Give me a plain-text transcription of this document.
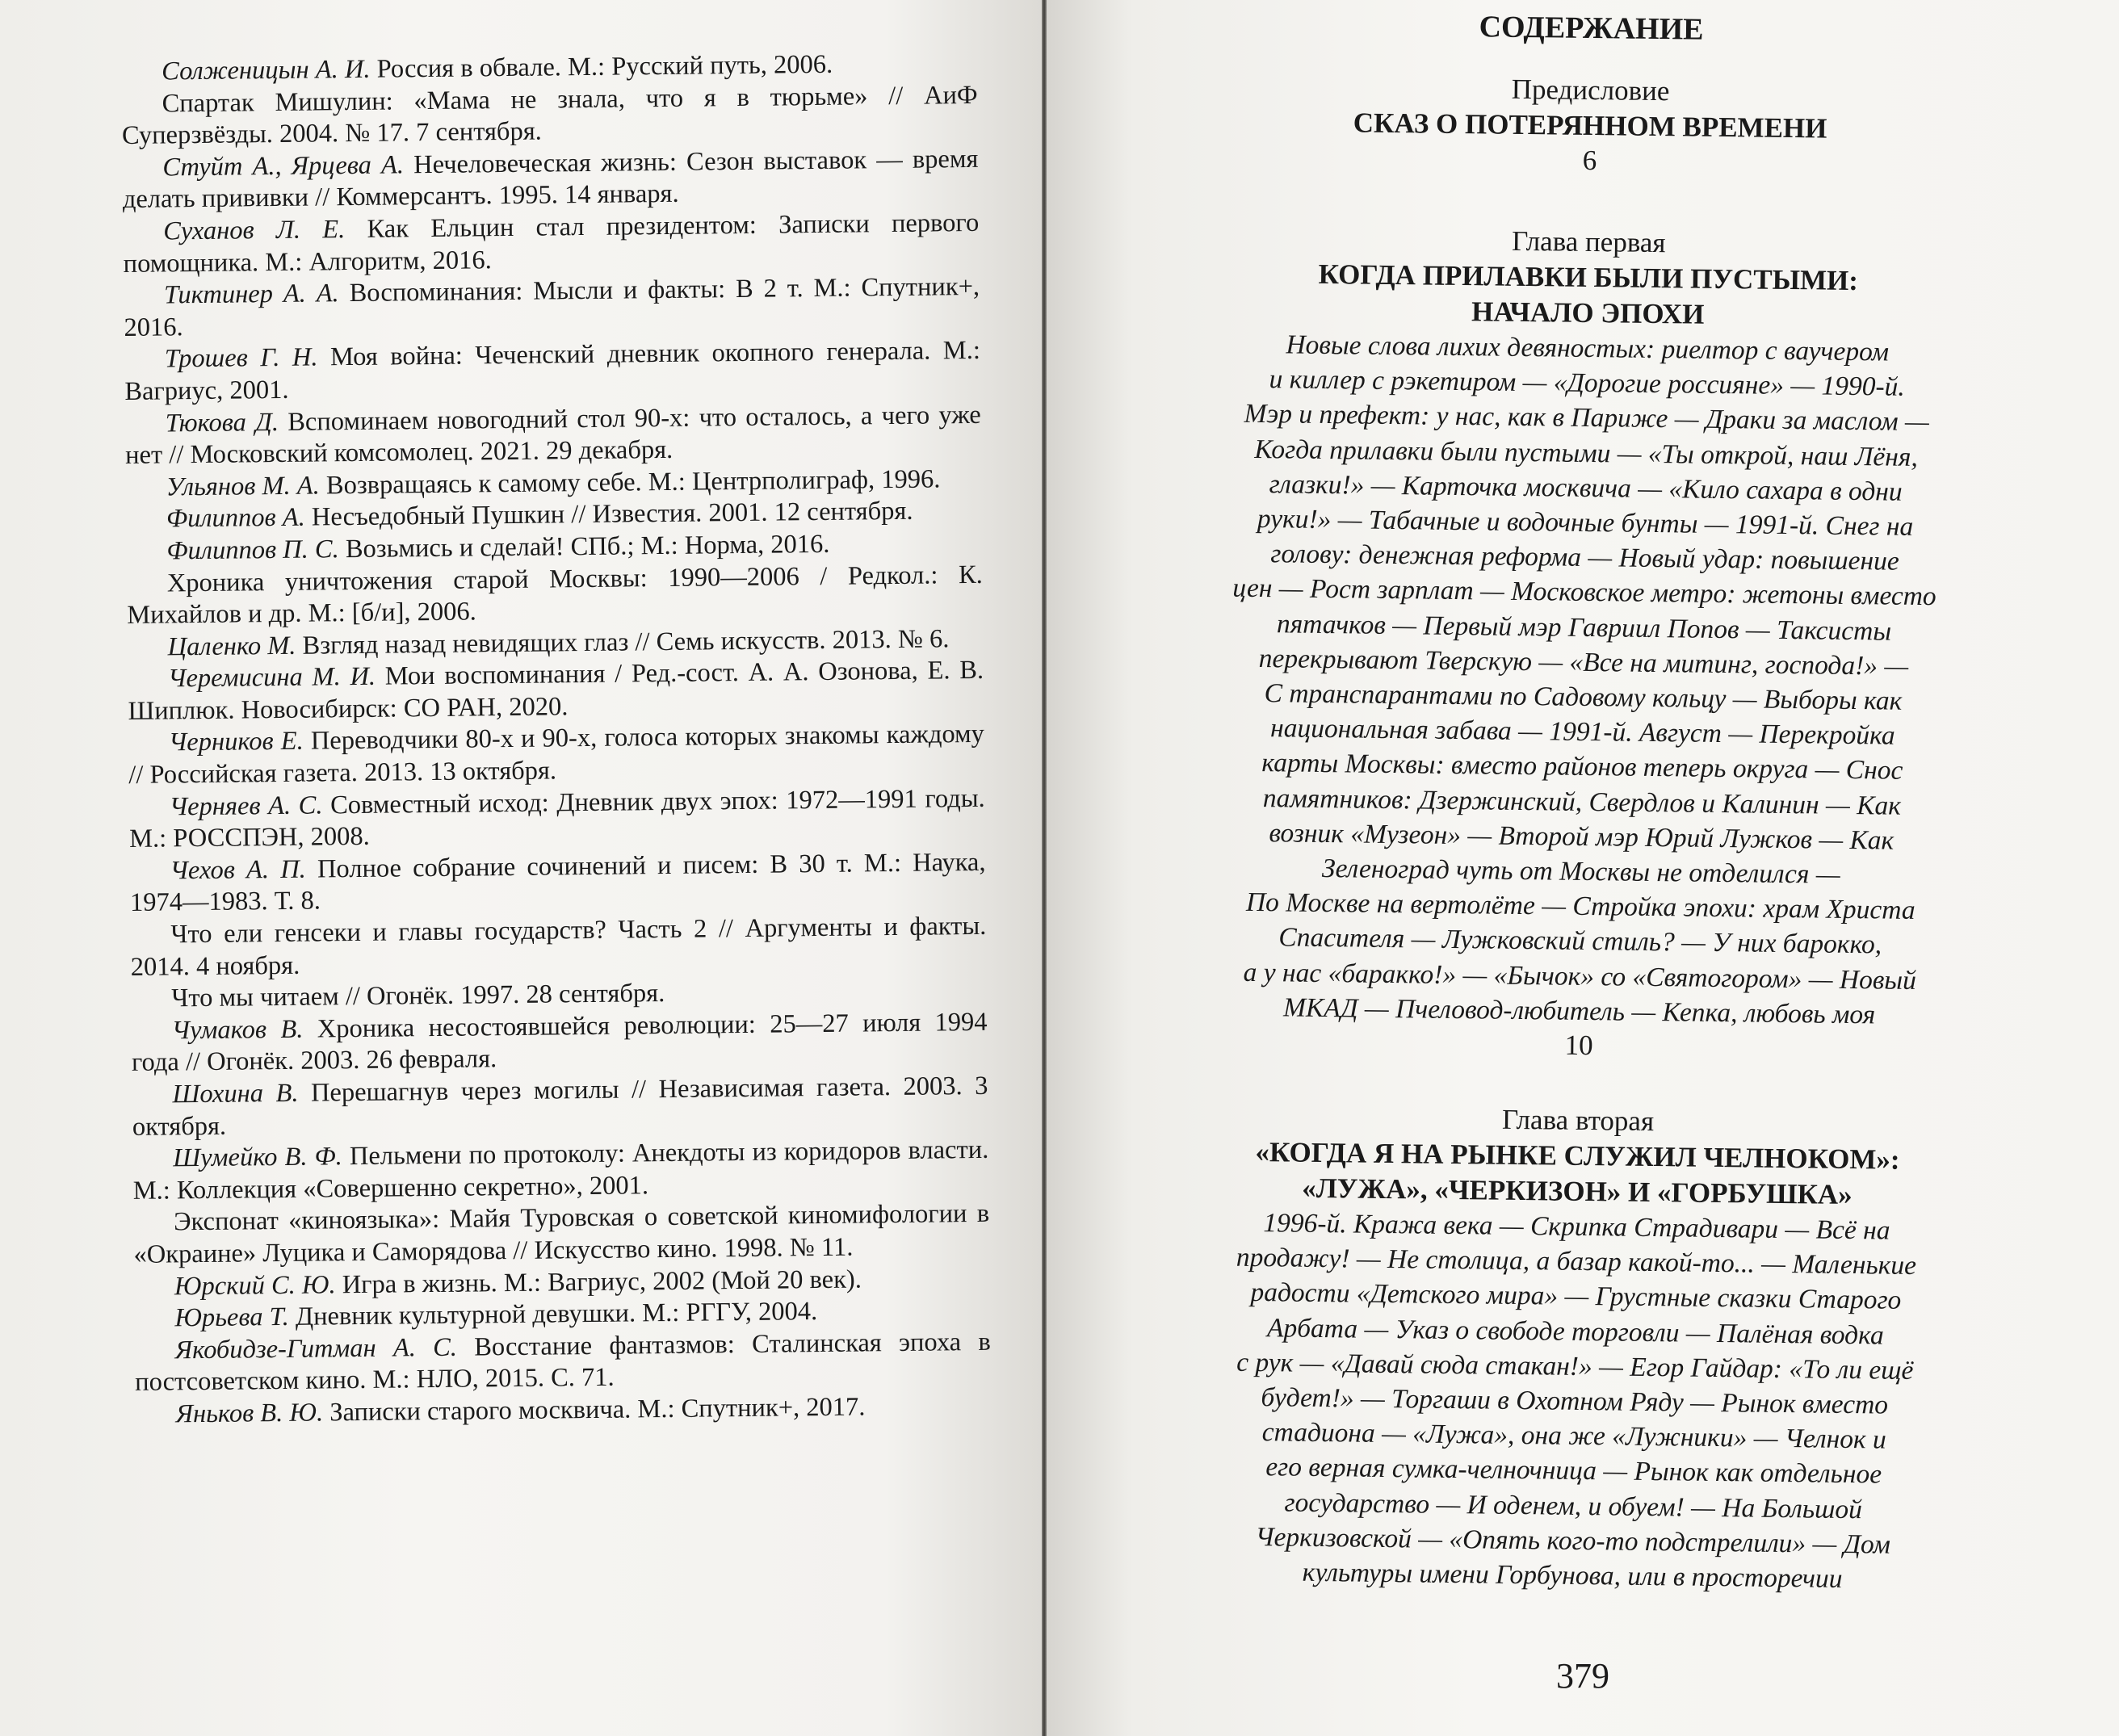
Солженицын А. И. Россия в обвале. М.: Русский путь, 2006.

Спартак Мишулин: «Мама не знала, что я в тюрьме» // АиФ Суперзвёзды. 2004. № 17. 7 сентября.

Стуйт А., Ярцева А. Нечеловеческая жизнь: Сезон выставок — время делать прививки // Коммерсантъ. 1995. 14 января.

Суханов Л. Е. Как Ельцин стал президентом: Записки первого помощника. М.: Алгоритм, 2016.

Тиктинер А. А. Воспоминания: Мысли и факты: В 2 т. М.: Спутник+, 2016.

Трошев Г. Н. Моя война: Чеченский дневник окопного генерала. М.: Вагриус, 2001.

Тюкова Д. Вспоминаем новогодний стол 90-х: что осталось, а чего уже нет // Московский комсомолец. 2021. 29 декабря.

Ульянов М. А. Возвращаясь к самому себе. М.: Центрполиграф, 1996.

Филиппов А. Несъедобный Пушкин // Известия. 2001. 12 сентября.

Филиппов П. С. Возьмись и сделай! СПб.; М.: Норма, 2016.

Хроника уничтожения старой Москвы: 1990—2006 / Редкол.: К. Михайлов и др. М.: [б/и], 2006.

Цаленко М. Взгляд назад невидящих глаз // Семь искусств. 2013. № 6.

Черемисина М. И. Мои воспоминания / Ред.-сост. А. А. Озонова, Е. В. Шиплюк. Новосибирск: СО РАН, 2020.

Черников Е. Переводчики 80-х и 90-х, голоса которых знакомы каждому // Российская газета. 2013. 13 октября.

Черняев А. С. Совместный исход: Дневник двух эпох: 1972—1991 годы. М.: РОССПЭН, 2008.

Чехов А. П. Полное собрание сочинений и писем: В 30 т. М.: Наука, 1974—1983. Т. 8.

Что ели генсеки и главы государств? Часть 2 // Аргументы и факты. 2014. 4 ноября.

Что мы читаем // Огонёк. 1997. 28 сентября.

Чумаков В. Хроника несостоявшейся революции: 25—27 июля 1994 года // Огонёк. 2003. 26 февраля.

Шохина В. Перешагнув через могилы // Независимая газета. 2003. 3 октября.

Шумейко В. Ф. Пельмени по протоколу: Анекдоты из коридоров власти. М.: Коллекция «Совершенно секретно», 2001.

Экспонат «киноязыка»: Майя Туровская о советской киномифологии в «Окраине» Луцика и Саморядова // Искусство кино. 1998. № 11.

Юрский С. Ю. Игра в жизнь. М.: Вагриус, 2002 (Мой 20 век).

Юрьева Т. Дневник культурной девушки. М.: РГГУ, 2004.

Якобидзе-Гитман А. С. Восстание фантазмов: Сталинская эпоха в постсоветском кино. М.: НЛО, 2015. С. 71.

Яньков В. Ю. Записки старого москвича. М.: Спутник+, 2017.

СОДЕРЖАНИЕ
Предисловие
СКАЗ О ПОТЕРЯННОМ ВРЕМЕНИ
6
Глава первая
КОГДА ПРИЛАВКИ БЫЛИ ПУСТЫМИ:
НАЧАЛО ЭПОХИ
Новые слова лихих девяностых: риелтор с ваучером
и киллер с рэкетиром — «Дорогие россияне» — 1990-й.
Мэр и префект: у нас, как в Париже — Драки за маслом —
Когда прилавки были пустыми — «Ты открой, наш Лёня,
глазки!» — Карточка москвича — «Кило сахара в одни
руки!» — Табачные и водочные бунты — 1991-й. Снег на
голову: денежная реформа — Новый удар: повышение
цен — Рост зарплат — Московское метро: жетоны вместо
пятачков — Первый мэр Гавриил Попов — Таксисты
перекрывают Тверскую — «Все на митинг, господа!» —
С транспарантами по Садовому кольцу — Выборы как
национальная забава — 1991-й. Август — Перекройка
карты Москвы: вместо районов теперь округа — Снос
памятников: Дзержинский, Свердлов и Калинин — Как
возник «Музеон» — Второй мэр Юрий Лужков — Как
Зеленоград чуть от Москвы не отделился —
По Москве на вертолёте — Стройка эпохи: храм Христа
Спасителя — Лужковский стиль? — У них барокко,
а у нас «баракко!» — «Бычок» со «Святогором» — Новый
МКАД — Пчеловод-любитель — Кепка, любовь моя
10
Глава вторая
«КОГДА Я НА РЫНКЕ СЛУЖИЛ ЧЕЛНОКОМ»:
«ЛУЖА», «ЧЕРКИЗОН» И «ГОРБУШКА»
1996-й. Кража века — Скрипка Страдивари — Всё на
продажу! — Не столица, а базар какой-то... — Маленькие
радости «Детского мира» — Грустные сказки Старого
Арбата — Указ о свободе торговли — Палёная водка
с рук — «Давай сюда стакан!» — Егор Гайдар: «То ли ещё
будет!» — Торгаши в Охотном Ряду — Рынок вместо
стадиона — «Лужа», она же «Лужники» — Челнок и
его верная сумка-челночница — Рынок как отдельное
государство — И оденем, и обуем! — На Большой
Черкизовской — «Опять кого-то подстрелили» — Дом
культуры имени Горбунова, или в просторечии
379
